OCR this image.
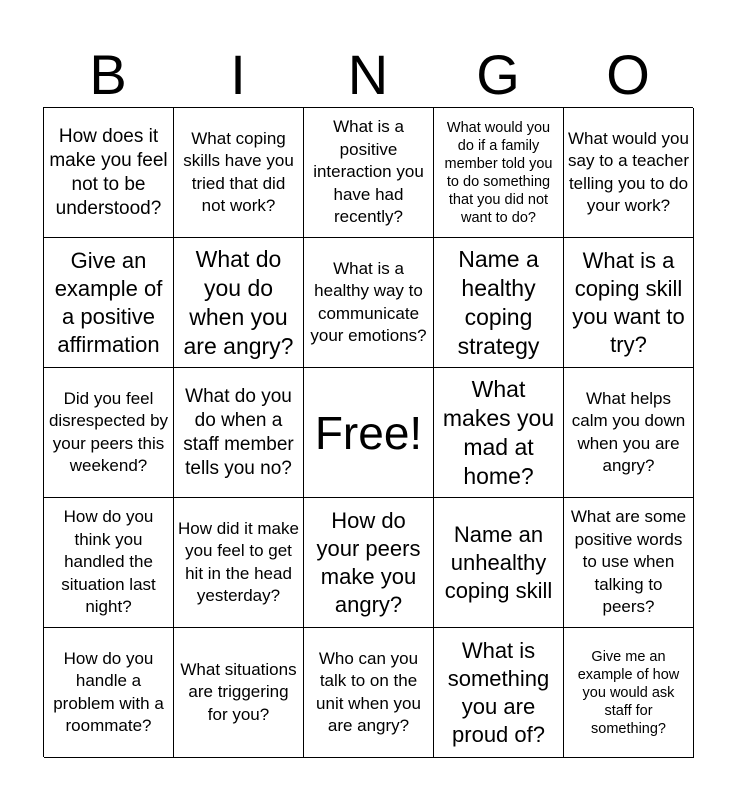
B	I	N	G	O
How does it make you feel not to be understood?
What coping skills have you tried that did not work?
What is a positive interaction you have had recently?
What would you do if a family member told you to do something that you did not want to do?
What would you say to a teacher telling you to do your work?
Give an example of a positive affirmation
What do you do when you are angry?
What is a healthy way to communicate your emotions?
Name a healthy coping strategy
What is a coping skill you want to try?
Did you feel disrespected by your peers this weekend?
What do you do when a staff member tells you no?
Free!
What makes you mad at home?
What helps calm you down when you are angry?
How do you think you handled the situation last night?
How did it make you feel to get hit in the head yesterday?
How do your peers make you angry?
Name an unhealthy coping skill
What are some positive words to use when talking to peers?
How do you handle a problem with a roommate?
What situations are triggering for you?
Who can you talk to on the unit when you are angry?
What is something you are proud of?
Give me an example of how you would ask staff for something?
